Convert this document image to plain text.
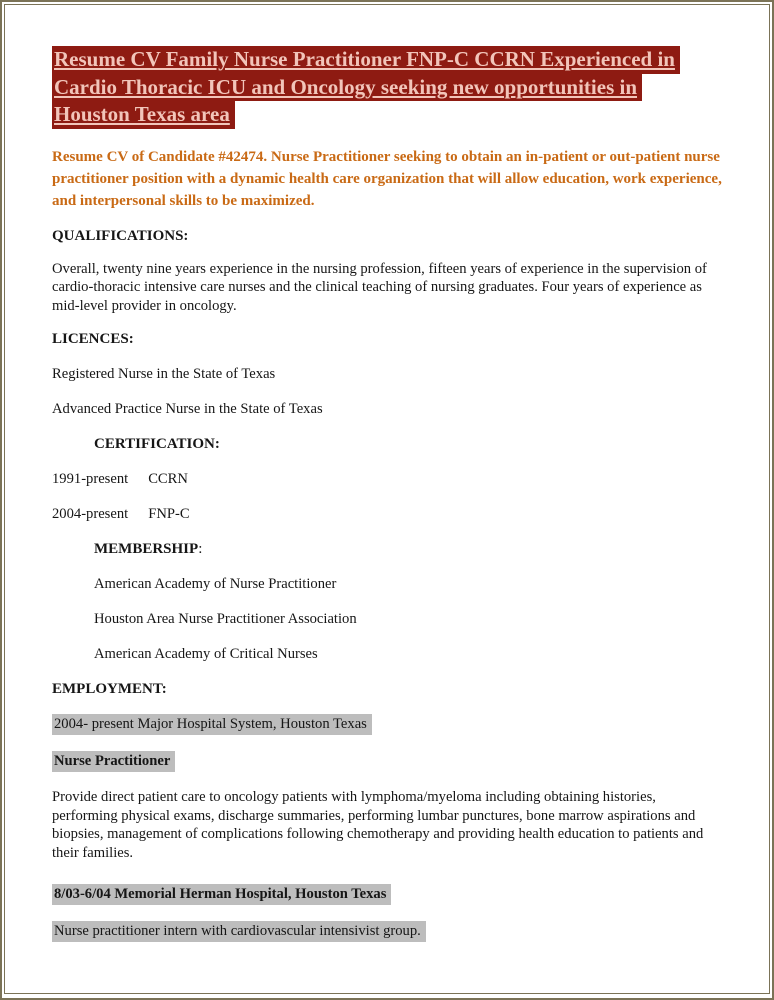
Resume CV Family Nurse Practitioner FNP-C CCRN Experienced in
Cardio Thoracic ICU and Oncology seeking new opportunities in
Houston Texas area

Resume CV of Candidate #42474. Nurse Practitioner seeking to obtain an in-patient or out-patient nurse practitioner position with a dynamic health care organization that will allow education, work experience, and interpersonal skills to be maximized.

QUALIFICATIONS:

Overall, twenty nine years experience in the nursing profession, fifteen years of experience in the supervision of cardio-thoracic intensive care nurses and the clinical teaching of nursing graduates. Four years of experience as mid-level provider in oncology.

LICENCES:
Registered Nurse in the State of Texas
Advanced Practice Nurse in the State of Texas
CERTIFICATION:
1991-present CCRN
2004-present FNP-C
MEMBERSHIP:
American Academy of Nurse Practitioner
Houston Area Nurse Practitioner Association
American Academy of Critical Nurses
EMPLOYMENT:
2004- present Major Hospital System, Houston Texas
Nurse Practitioner

Provide direct patient care to oncology patients with lymphoma/myeloma including obtaining histories, performing physical exams, discharge summaries, performing lumbar punctures, bone marrow aspirations and biopsies, management of complications following chemotherapy and providing health education to patients and their families.

8/03-6/04 Memorial Herman Hospital, Houston Texas
Nurse practitioner intern with cardiovascular intensivist group.
